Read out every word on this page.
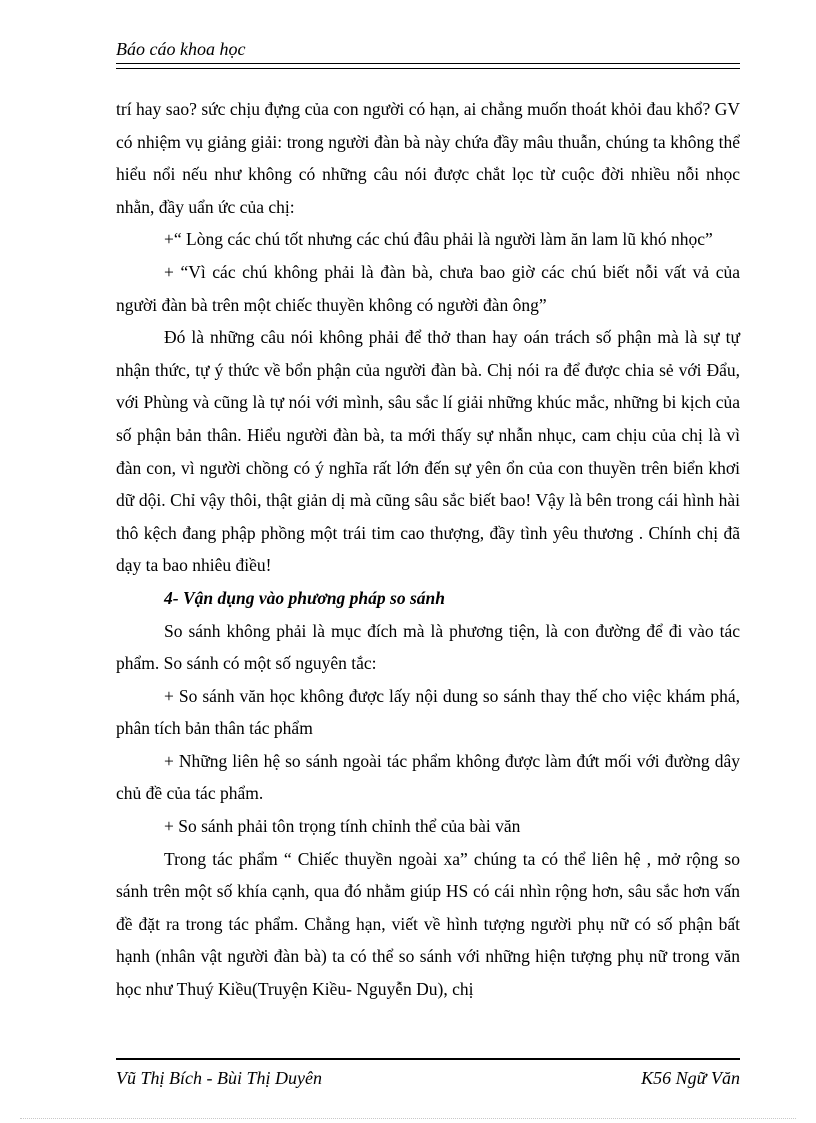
Báo cáo khoa học

trí hay sao? sức chịu đựng của con người có hạn, ai chẳng muốn thoát khỏi đau khổ? GV có nhiệm vụ giảng giải: trong người đàn bà này chứa đầy mâu thuẫn, chúng ta không thể hiểu nổi nếu như không có những câu nói được chắt lọc từ cuộc đời nhiều nỗi nhọc nhằn, đầy uẩn ức của chị:

+“ Lòng các chú tốt nhưng các chú đâu phải là người làm ăn lam lũ khó nhọc”

+ “Vì các chú không phải là đàn bà, chưa bao giờ các chú biết nỗi vất vả của người đàn bà trên một chiếc thuyền không có người đàn ông”

Đó là những câu nói không phải để thở than hay oán trách số phận mà là sự tự nhận thức, tự ý thức về bổn phận của người đàn bà. Chị nói ra để được chia sẻ với Đẩu, với Phùng và cũng là tự nói với mình, sâu sắc lí giải những khúc mắc, những bi kịch của số phận bản thân. Hiểu người đàn bà, ta mới thấy sự nhẫn nhục, cam chịu của chị là vì đàn con, vì người chồng có ý nghĩa rất lớn đến sự yên ổn của con thuyền trên biển khơi dữ dội. Chỉ vậy thôi, thật giản dị mà cũng sâu sắc biết bao! Vậy là bên trong cái hình hài thô kệch đang phập phồng một trái tim cao thượng, đầy tình yêu thương . Chính chị đã dạy ta bao nhiêu điều!

4- Vận dụng vào phương pháp so sánh

So sánh không phải là mục đích mà là phương tiện, là con đường để đi vào tác phẩm. So sánh có một số nguyên tắc:

+ So sánh văn học không được lấy nội dung so sánh thay thế cho việc khám phá, phân tích bản thân tác phẩm

+ Những liên hệ so sánh ngoài tác phẩm không được làm đứt mối với đường dây chủ đề của tác phẩm.

+ So sánh phải tôn trọng tính chỉnh thể của bài văn

Trong tác phẩm “ Chiếc thuyền ngoài xa” chúng ta có thể liên hệ , mở rộng so sánh trên một số khía cạnh, qua đó nhằm giúp HS có cái nhìn rộng hơn, sâu sắc hơn vấn đề đặt ra trong tác phẩm. Chẳng hạn, viết về hình tượng người phụ nữ có số phận bất hạnh (nhân vật người đàn bà) ta có thể so sánh với những hiện tượng phụ nữ trong văn học như Thuý Kiều(Truyện Kiều- Nguyễn Du), chị

Vũ Thị Bích - Bùi Thị Duyên	K56 Ngữ Văn
